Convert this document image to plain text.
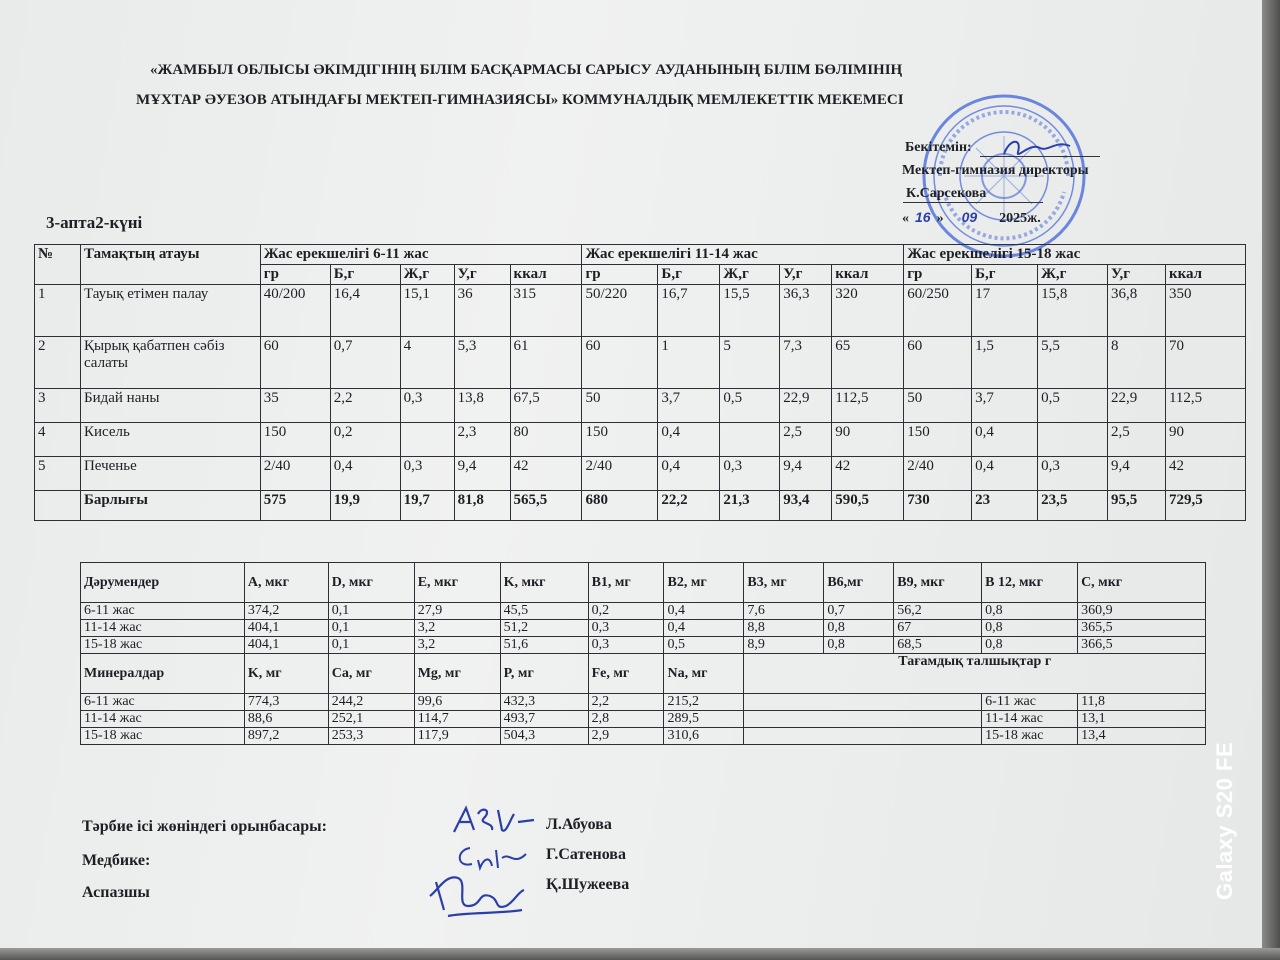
«ЖАМБЫЛ ОБЛЫСЫ ӘКІМДІГІНІҢ БІЛІМ БАСҚАРМАСЫ САРЫСУ АУДАНЫНЫҢ БІЛІМ БӨЛІМІНІҢ
МҰХТАР ӘУЕЗОВ АТЫНДАҒЫ МЕКТЕП-ГИМНАЗИЯСЫ» КОММУНАЛДЫҚ МЕМЛЕКЕТТІК МЕКЕМЕСІ
Бекітемін:
Мектеп-гимназия директоры
К.Сарсекова
« 16 » 09 2025ж.
3-апта2-күні
№	Тамақтың атауы	Жас ерекшелігі 6-11 жас					Жас ерекшелігі 11-14 жас					Жас ерекшелігі 15-18 жас				
		гр	Б,г	Ж,г	У,г	ккал	гр	Б,г	Ж,г	У,г	ккал	гр	Б,г	Ж,г	У,г	ккал
1	Тауық етімен палау	40/200	16,4	15,1	36	315	50/220	16,7	15,5	36,3	320	60/250	17	15,8	36,8	350
2	Қырық қабатпен сәбіз салаты	60	0,7	4	5,3	61	60	1	5	7,3	65	60	1,5	5,5	8	70
3	Бидай наны	35	2,2	0,3	13,8	67,5	50	3,7	0,5	22,9	112,5	50	3,7	0,5	22,9	112,5
4	Кисель	150	0,2		2,3	80	150	0,4		2,5	90	150	0,4		2,5	90
5	Печенье	2/40	0,4	0,3	9,4	42	2/40	0,4	0,3	9,4	42	2/40	0,4	0,3	9,4	42
	Барлығы	575	19,9	19,7	81,8	565,5	680	22,2	21,3	93,4	590,5	730	23	23,5	95,5	729,5
Дәрумендер	A, мкг	D, мкг	E, мкг	K, мкг	B1, мг	B2, мг	B3, мг	B6,мг	B9, мкг	B 12, мкг	C, мкг
6-11 жас	374,2	0,1	27,9	45,5	0,2	0,4	7,6	0,7	56,2	0,8	360,9
11-14 жас	404,1	0,1	3,2	51,2	0,3	0,4	8,8	0,8	67	0,8	365,5
15-18 жас	404,1	0,1	3,2	51,6	0,3	0,5	8,9	0,8	68,5	0,8	366,5
Минералдар	K, мг	Ca, мг	Mg, мг	P, мг	Fe, мг	Na, мг	Тағамдық талшықтар г				
6-11 жас	774,3	244,2	99,6	432,3	2,2	215,2				6-11 жас	11,8
11-14 жас	88,6	252,1	114,7	493,7	2,8	289,5				11-14 жас	13,1
15-18 жас	897,2	253,3	117,9	504,3	2,9	310,6				15-18 жас	13,4
Тәрбие ісі жөніндегі орынбасары:	Л.Абуова
Медбике:	Г.Сатенова
Аспазшы	Қ.Шужеева	Galaxy S20 FE
